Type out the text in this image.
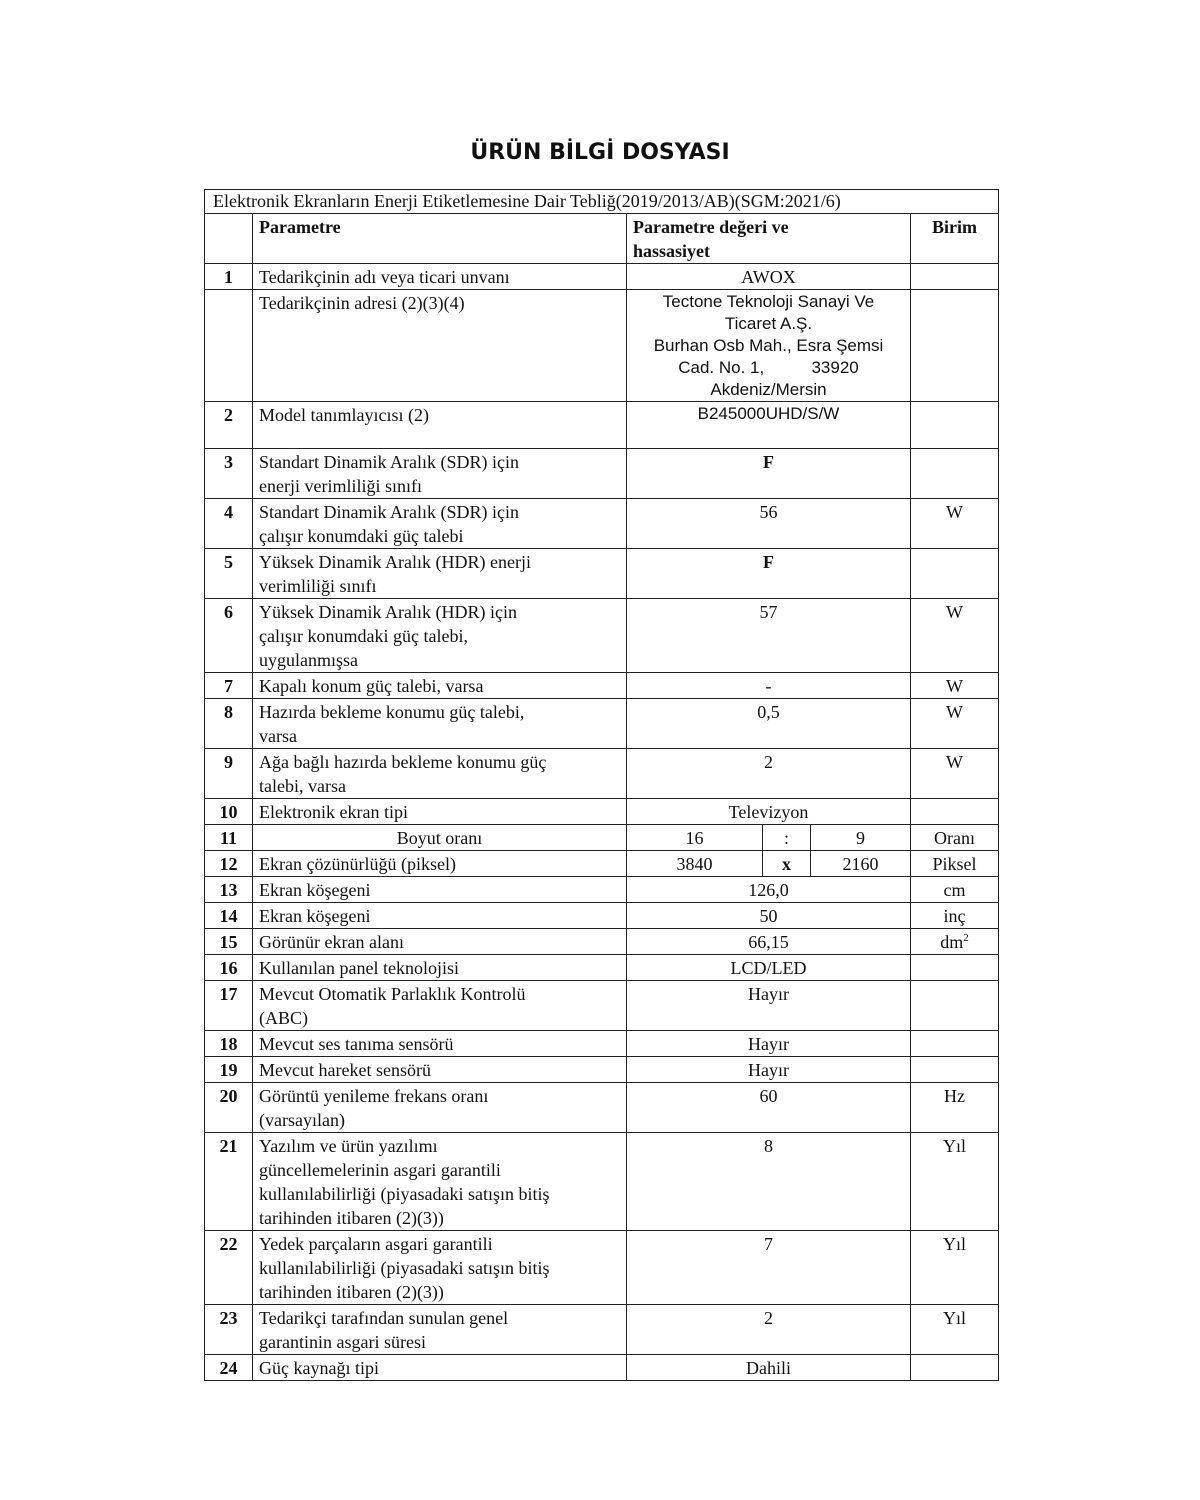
ÜRÜN BİLGİ DOSYASI
Elektronik Ekranların Enerji Etiketlemesine Dair Tebliğ(2019/2013/AB)(SGM:2021/6)					
	Parametre	Parametre değeri ve
hassasiyet			Birim
1	Tedarikçinin adı veya ticari unvanı	AWOX			
	Tedarikçinin adresi (2)(3)(4)	Tectone Teknoloji Sanayi Ve
Ticaret A.Ş.
Burhan Osb Mah., Esra Şemsi
Cad. No. 1,          33920
Akdeniz/Mersin			
2	Model tanımlayıcısı (2)	B245000UHD/S/W			
3	Standart Dinamik Aralık (SDR) için
enerji verimliliği sınıfı	F			
4	Standart Dinamik Aralık (SDR) için
çalışır konumdaki güç talebi	56			W
5	Yüksek Dinamik Aralık (HDR) enerji
verimliliği sınıfı	F			
6	Yüksek Dinamik Aralık (HDR) için
çalışır konumdaki güç talebi,
uygulanmışsa	57			W
7	Kapalı konum güç talebi, varsa	-			W
8	Hazırda bekleme konumu güç talebi,
varsa	0,5			W
9	Ağa bağlı hazırda bekleme konumu güç
talebi, varsa	2			W
10	Elektronik ekran tipi	Televizyon			
11	Boyut oranı	16	:	9	Oranı
12	Ekran çözünürlüğü (piksel)	3840	x	2160	Piksel
13	Ekran köşegeni	126,0			cm
14	Ekran köşegeni	50			inç
15	Görünür ekran alanı	66,15			$dm^2$
16	Kullanılan panel teknolojisi	LCD/LED			
17	Mevcut Otomatik Parlaklık Kontrolü
(ABC)	Hayır			
18	Mevcut ses tanıma sensörü	Hayır			
19	Mevcut hareket sensörü	Hayır			
20	Görüntü yenileme frekans oranı
(varsayılan)	60			Hz
21	Yazılım ve ürün yazılımı
güncellemelerinin asgari garantili
kullanılabilirliği (piyasadaki satışın bitiş
tarihinden itibaren (2)(3))	8			Yıl
22	Yedek parçaların asgari garantili
kullanılabilirliği (piyasadaki satışın bitiş
tarihinden itibaren (2)(3))	7			Yıl
23	Tedarikçi tarafından sunulan genel
garantinin asgari süresi	2			Yıl
24	Güç kaynağı tipi	Dahili			
